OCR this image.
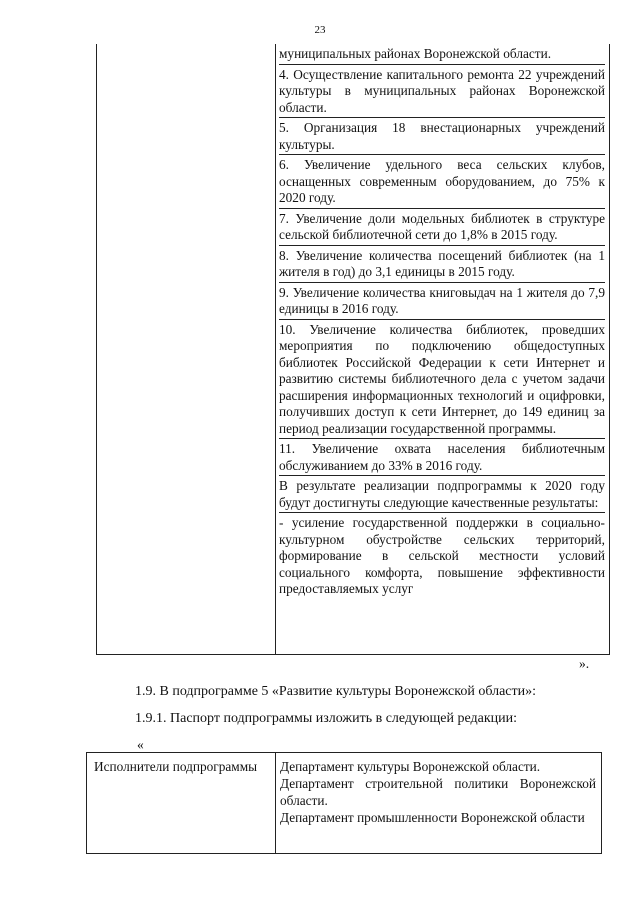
23
муниципальных районах Воронежской области.
4. Осуществление капитального ремонта 22 учреждений культуры в муниципальных районах Воронежской области.
5. Организация 18 внестационарных учреждений культуры.
6. Увеличение удельного веса сельских клубов, оснащенных современным оборудованием, до 75% к 2020 году.
7. Увеличение доли модельных библиотек в структуре сельской библиотечной сети до 1,8% в 2015 году.
8. Увеличение количества посещений библиотек (на 1 жителя в год) до 3,1 единицы в 2015 году.
9. Увеличение количества книговыдач на 1 жителя до 7,9 единицы в 2016 году.
10. Увеличение количества библиотек, проведших мероприятия по подключению общедоступных библиотек Российской Федерации к сети Интернет и развитию системы библиотечного дела с учетом задачи расширения информационных технологий и оцифровки, получивших доступ к сети Интернет, до 149 единиц за период реализации государственной программы.
11. Увеличение охвата населения библиотечным обслуживанием до 33% в 2016 году.
В результате реализации подпрограммы к 2020 году будут достигнуты следующие качественные результаты:
- усиление государственной поддержки в социально-культурном обустройстве сельских территорий, формирование в сельской местности условий социального комфорта, повышение эффективности предоставляемых услуг
».
1.9. В подпрограмме 5 «Развитие культуры Воронежской области»:
1.9.1. Паспорт подпрограммы изложить в следующей редакции:
«
Исполнители подпрограммы Департамент культуры Воронежской области.
Департамент строительной политики Воронежской области.
Департамент промышленности Воронежской области
